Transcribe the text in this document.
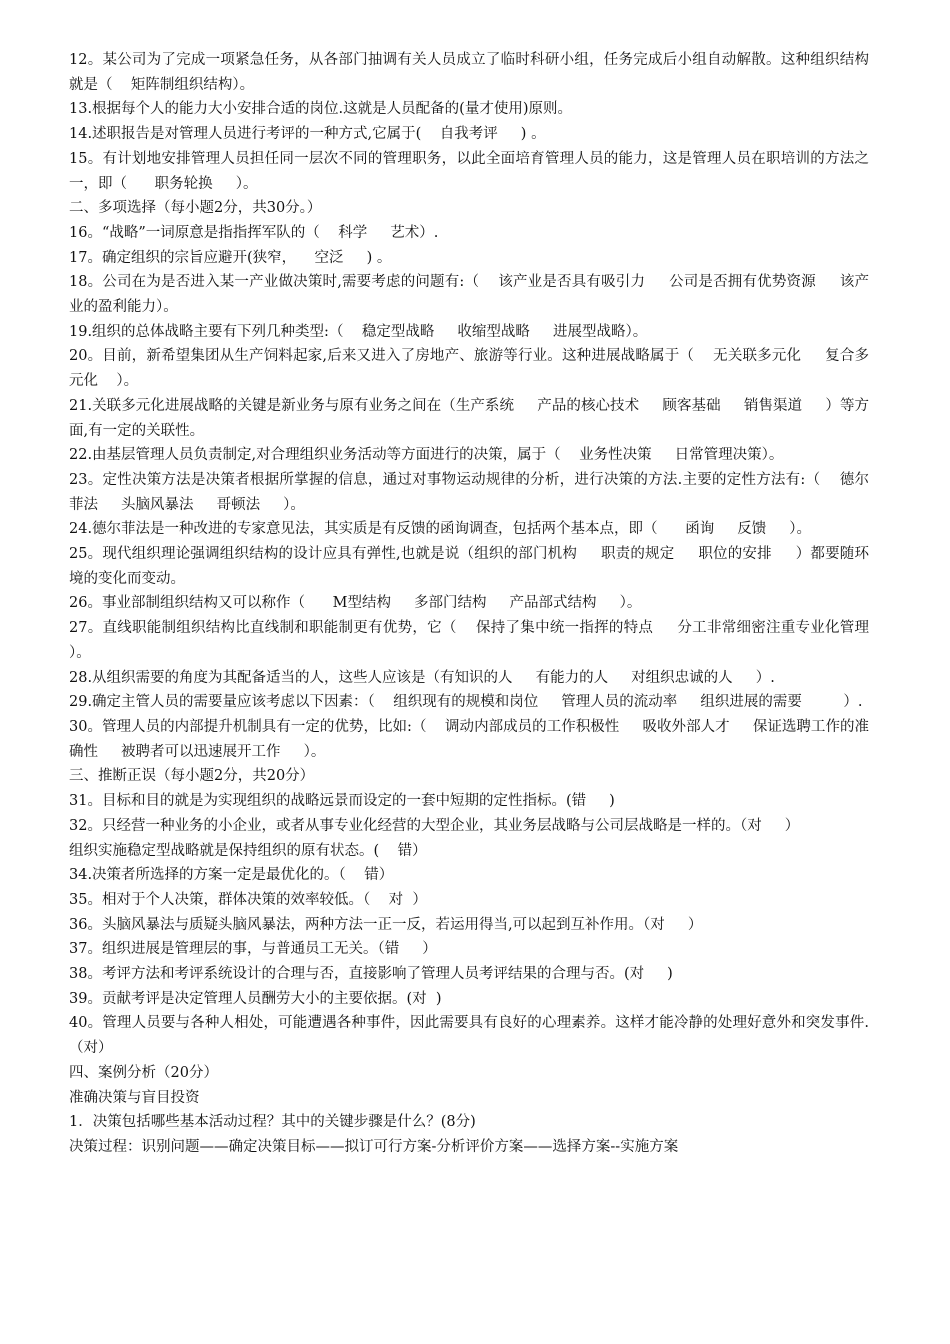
12。某公司为了完成一项紧急任务，从各部门抽调有关人员成立了临时科研小组，任务完成后小组自动解散。这种组织结构就是（    矩阵制组织结构）。

13.根据每个人的能力大小安排合适的岗位.这就是人员配备的(量才使用)原则。

14.述职报告是对管理人员进行考评的一种方式,它属于(    自我考评     ) 。

15。有计划地安排管理人员担任同一层次不同的管理职务，以此全面培育管理人员的能力，这是管理人员在职培训的方法之一，即（      职务轮换     ）。

二、多项选择（每小题2分，共30分。）

16。“战略”一词原意是指指挥军队的（    科学     艺术）.

17。确定组织的宗旨应避开(狭窄，    空泛     ) 。

18。公司在为是否进入某一产业做决策时,需要考虑的问题有:（    该产业是否具有吸引力     公司是否拥有优势资源     该产业的盈利能力）。

19.组织的总体战略主要有下列几种类型:（    稳定型战略     收缩型战略     进展型战略）。

20。目前，新希望集团从生产饲料起家,后来又进入了房地产、旅游等行业。这种进展战略属于（    无关联多元化     复合多元化    ）。

21.关联多元化进展战略的关键是新业务与原有业务之间在（生产系统     产品的核心技术     顾客基础     销售渠道     ）等方面,有一定的关联性。

22.由基层管理人员负责制定,对合理组织业务活动等方面进行的决策，属于（    业务性决策     日常管理决策）。

23。定性决策方法是决策者根据所掌握的信息，通过对事物运动规律的分析，进行决策的方法.主要的定性方法有:（    德尔菲法     头脑风暴法     哥顿法     ）。

24.德尔菲法是一种改进的专家意见法，其实质是有反馈的函询调查，包括两个基本点，即（      函询     反馈     ）。

25。现代组织理论强调组织结构的设计应具有弹性,也就是说（组织的部门机构     职责的规定     职位的安排     ）都要随环境的变化而变动。

26。事业部制组织结构又可以称作（      M型结构     多部门结构     产品部式结构     ）。

27。直线职能制组织结构比直线制和职能制更有优势，它（    保持了集中统一指挥的特点     分工非常细密注重专业化管理      ）。

28.从组织需要的角度为其配备适当的人，这些人应该是（有知识的人     有能力的人     对组织忠诚的人     ）.

29.确定主管人员的需要量应该考虑以下因素：（    组织现有的规模和岗位     管理人员的流动率     组织进展的需要         ）.

30。管理人员的内部提升机制具有一定的优势，比如:（    调动内部成员的工作积极性     吸收外部人才     保证选聘工作的准确性     被聘者可以迅速展开工作     ）。

三、推断正误（每小题2分，共20分）

31。目标和目的就是为实现组织的战略远景而设定的一套中短期的定性指标。(错     )

32。只经营一种业务的小企业，或者从事专业化经营的大型企业，其业务层战略与公司层战略是一样的。（对     ）

组织实施稳定型战略就是保持组织的原有状态。(    错）

34.决策者所选择的方案一定是最优化的。（    错）

35。相对于个人决策，群体决策的效率较低。（    对  ）

36。头脑风暴法与质疑头脑风暴法，两种方法一正一反，若运用得当,可以起到互补作用。（对     ）

37。组织进展是管理层的事，与普通员工无关。（错     ）

38。考评方法和考评系统设计的合理与否，直接影响了管理人员考评结果的合理与否。(对     )

39。贡献考评是决定管理人员酬劳大小的主要依据。(对  )

40。管理人员要与各种人相处，可能遭遇各种事件，因此需要具有良好的心理素养。这样才能冷静的处理好意外和突发事件.（对）

四、案例分析（20分）

准确决策与盲目投资

1．决策包括哪些基本活动过程？其中的关键步骤是什么？(8分)

决策过程：识别问题——确定决策目标——拟订可行方案-分析评价方案——选择方案--实施方案
